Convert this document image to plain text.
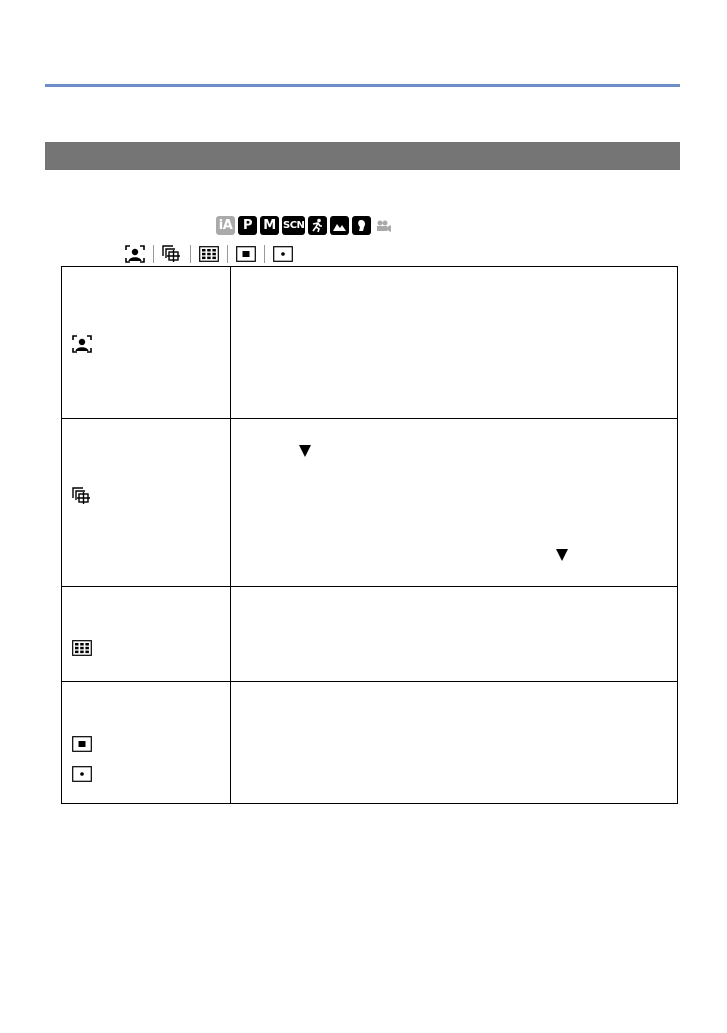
iA P M SCN
